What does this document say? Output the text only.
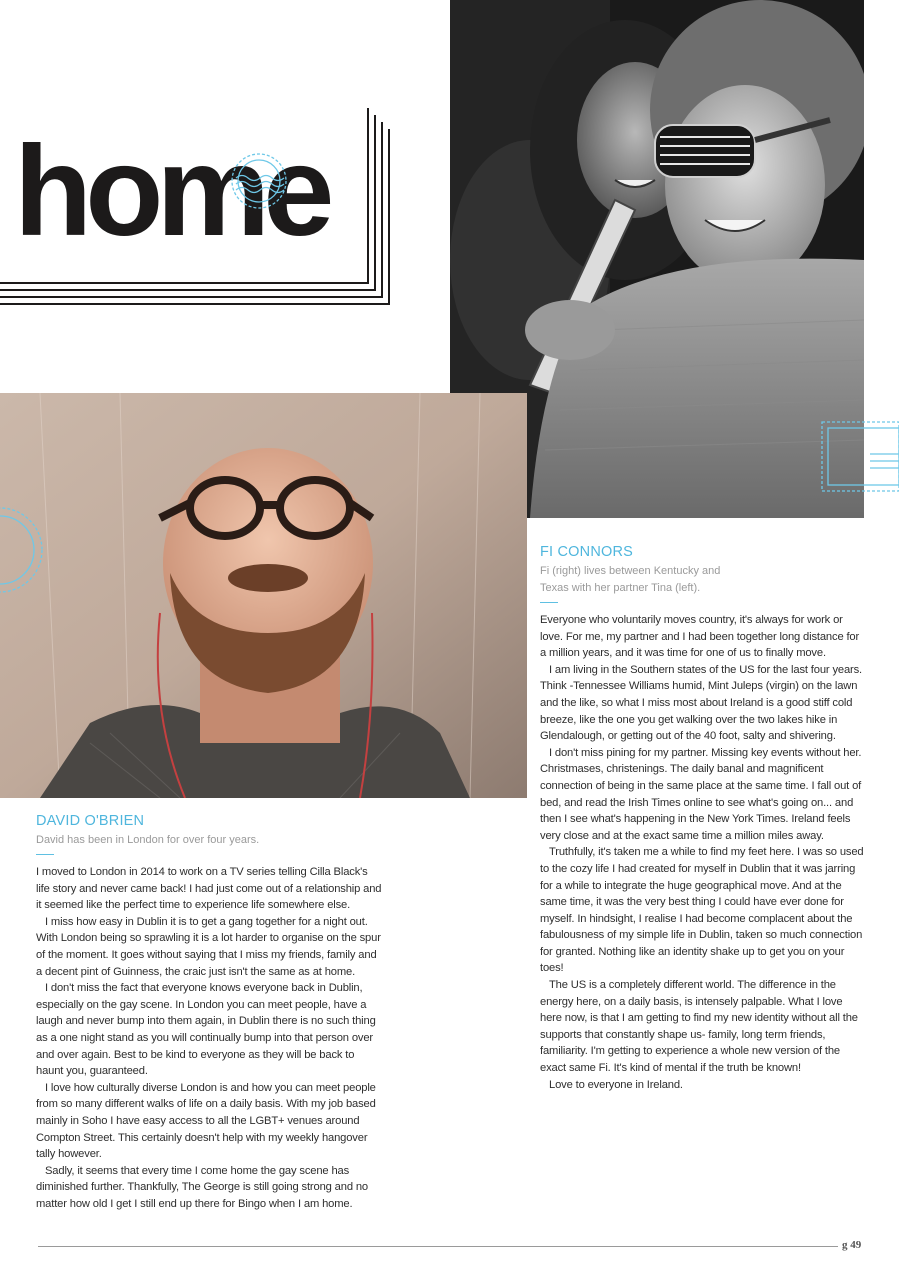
home
FI CONNORS
Fi (right) lives between Kentucky and
Texas with her partner Tina (left).

Everyone who voluntarily moves country, it's always for work or love. For me, my partner and I had been together long distance for a million years, and it was time for one of us to finally move.

I am living in the Southern states of the US for the last four years. Think -Tennessee Williams humid, Mint Juleps (virgin) on the lawn and the like, so what I miss most about Ireland is a good stiff cold breeze, like the one you get walking over the two lakes hike in Glendalough, or getting out of the 40 foot, salty and shivering.

I don't miss pining for my partner. Missing key events without her. Christmases, christenings. The daily banal and magnificent connection of being in the same place at the same time. I fall out of bed, and read the Irish Times online to see what's going on... and then I see what's happening in the New York Times. Ireland feels very close and at the exact same time a million miles away.

Truthfully, it's taken me a while to find my feet here. I was so used to the cozy life I had created for myself in Dublin that it was jarring for a while to integrate the huge geographical move. And at the same time, it was the very best thing I could have ever done for myself. In hindsight, I realise I had become complacent about the fabulousness of my simple life in Dublin, taken so much connection for granted. Nothing like an identity shake up to get you on your toes!

The US is a completely different world. The difference in the energy here, on a daily basis, is intensely palpable. What I love here now, is that I am getting to find my new identity without all the supports that constantly shape us- family, long term friends, familiarity. I'm getting to experience a whole new version of the exact same Fi. It's kind of mental if the truth be known!

Love to everyone in Ireland.

DAVID O'BRIEN
David has been in London for over four years.

I moved to London in 2014 to work on a TV series telling Cilla Black's life story and never came back! I had just come out of a relationship and it seemed like the perfect time to experience life somewhere else.

I miss how easy in Dublin it is to get a gang together for a night out. With London being so sprawling it is a lot harder to organise on the spur of the moment. It goes without saying that I miss my friends, family and a decent pint of Guinness, the craic just isn't the same as at home.

I don't miss the fact that everyone knows everyone back in Dublin, especially on the gay scene. In London you can meet people, have a laugh and never bump into them again, in Dublin there is no such thing as a one night stand as you will continually bump into that person over and over again. Best to be kind to everyone as they will be back to haunt you, guaranteed.

I love how culturally diverse London is and how you can meet people from so many different walks of life on a daily basis. With my job based mainly in Soho I have easy access to all the LGBT+ venues around Compton Street. This certainly doesn't help with my weekly hangover tally however.

Sadly, it seems that every time I come home the gay scene has diminished further. Thankfully, The George is still going strong and no matter how old I get I still end up there for Bingo when I am home.

g 49
